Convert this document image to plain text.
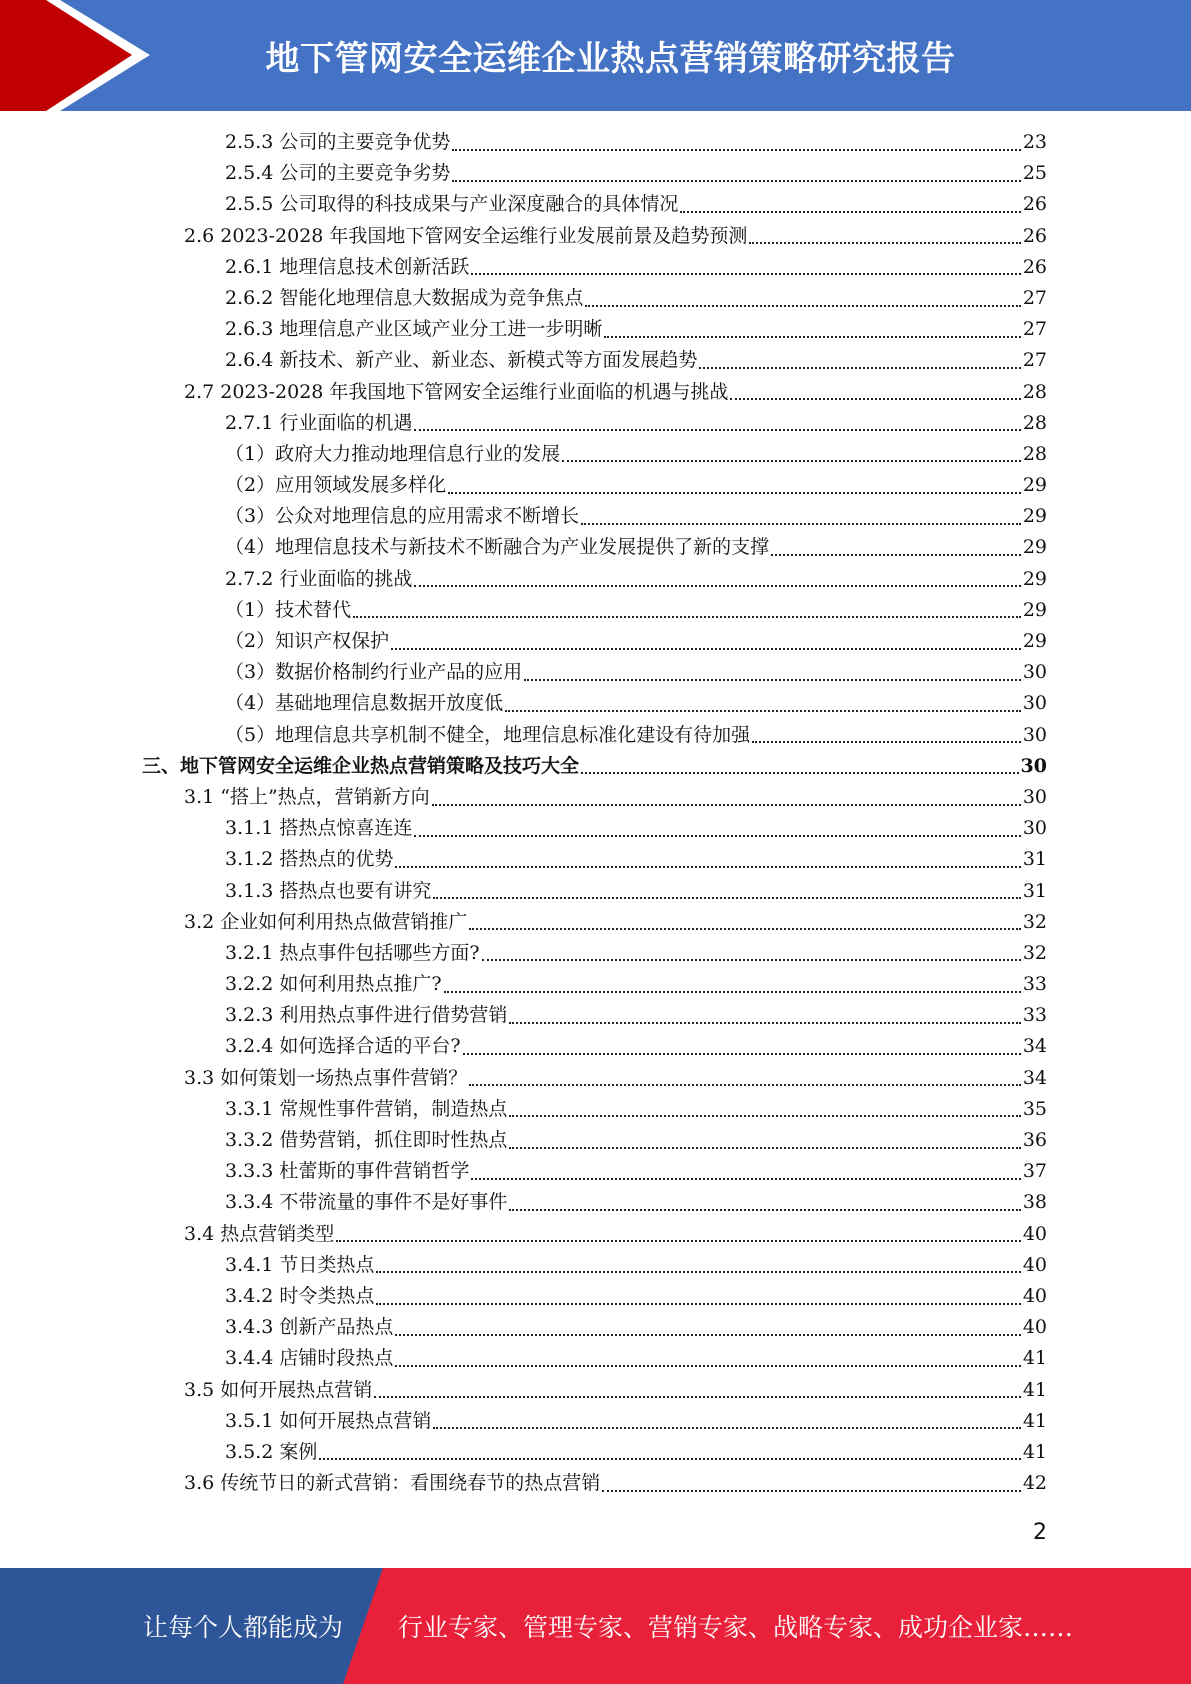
地下管网安全运维企业热点营销策略研究报告
2.5.3 公司的主要竞争优势	23
2.5.4 公司的主要竞争劣势	25
2.5.5 公司取得的科技成果与产业深度融合的具体情况	26
2.6 2023-2028 年我国地下管网安全运维行业发展前景及趋势预测	26
2.6.1 地理信息技术创新活跃	26
2.6.2 智能化地理信息大数据成为竞争焦点	27
2.6.3 地理信息产业区域产业分工进一步明晰	27
2.6.4 新技术、新产业、新业态、新模式等方面发展趋势	27
2.7 2023-2028 年我国地下管网安全运维行业面临的机遇与挑战	28
2.7.1 行业面临的机遇	28
（1）政府大力推动地理信息行业的发展	28
（2）应用领域发展多样化	29
（3）公众对地理信息的应用需求不断增长	29
（4）地理信息技术与新技术不断融合为产业发展提供了新的支撑	29
2.7.2 行业面临的挑战	29
（1）技术替代	29
（2）知识产权保护	29
（3）数据价格制约行业产品的应用	30
（4）基础地理信息数据开放度低	30
（5）地理信息共享机制不健全，地理信息标准化建设有待加强	30
三、地下管网安全运维企业热点营销策略及技巧大全	30
3.1 “搭上”热点，营销新方向	30
3.1.1 搭热点惊喜连连	30
3.1.2 搭热点的优势	31
3.1.3 搭热点也要有讲究	31
3.2 企业如何利用热点做营销推广	32
3.2.1 热点事件包括哪些方面?	32
3.2.2 如何利用热点推广?	33
3.2.3 利用热点事件进行借势营销	33
3.2.4 如何选择合适的平台?	34
3.3 如何策划一场热点事件营销？	34
3.3.1 常规性事件营销，制造热点	35
3.3.2 借势营销，抓住即时性热点	36
3.3.3 杜蕾斯的事件营销哲学	37
3.3.4 不带流量的事件不是好事件	38
3.4 热点营销类型	40
3.4.1 节日类热点	40
3.4.2 时令类热点	40
3.4.3 创新产品热点	40
3.4.4 店铺时段热点	41
3.5 如何开展热点营销	41
3.5.1 如何开展热点营销	41
3.5.2 案例	41
3.6 传统节日的新式营销：看围绕春节的热点营销	42
2
让每个人都能成为 行业专家、管理专家、营销专家、战略专家、成功企业家……
